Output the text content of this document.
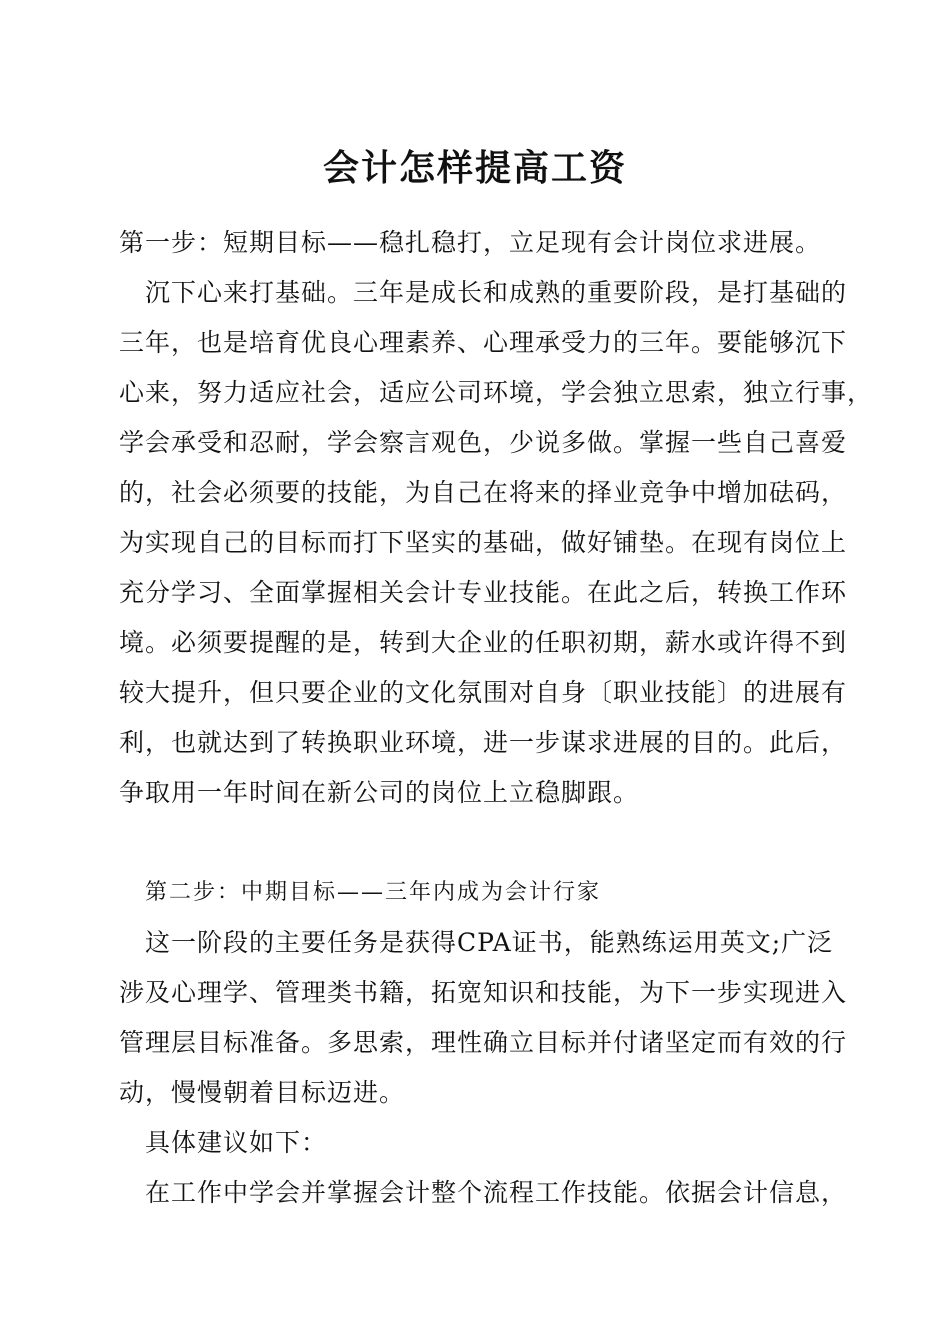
会计怎样提高工资
第一步：短期目标——稳扎稳打，立足现有会计岗位求进展。
沉下心来打基础。三年是成长和成熟的重要阶段，是打基础的
三年，也是培育优良心理素养、心理承受力的三年。要能够沉下
心来，努力适应社会，适应公司环境，学会独立思索，独立行事，
学会承受和忍耐，学会察言观色，少说多做。掌握一些自己喜爱
的，社会必须要的技能，为自己在将来的择业竞争中增加砝码，
为实现自己的目标而打下坚实的基础，做好铺垫。在现有岗位上
充分学习、全面掌握相关会计专业技能。在此之后，转换工作环
境。必须要提醒的是，转到大企业的任职初期，薪水或许得不到
较大提升，但只要企业的文化氛围对自身〔职业技能〕的进展有
利，也就达到了转换职业环境，进一步谋求进展的目的。此后，
争取用一年时间在新公司的岗位上立稳脚跟。
第二步：中期目标——三年内成为会计行家
这一阶段的主要任务是获得CPA证书，能熟练运用英文;广泛
涉及心理学、管理类书籍，拓宽知识和技能，为下一步实现进入
管理层目标准备。多思索，理性确立目标并付诸坚定而有效的行
动，慢慢朝着目标迈进。
具体建议如下：
在工作中学会并掌握会计整个流程工作技能。依据会计信息，
